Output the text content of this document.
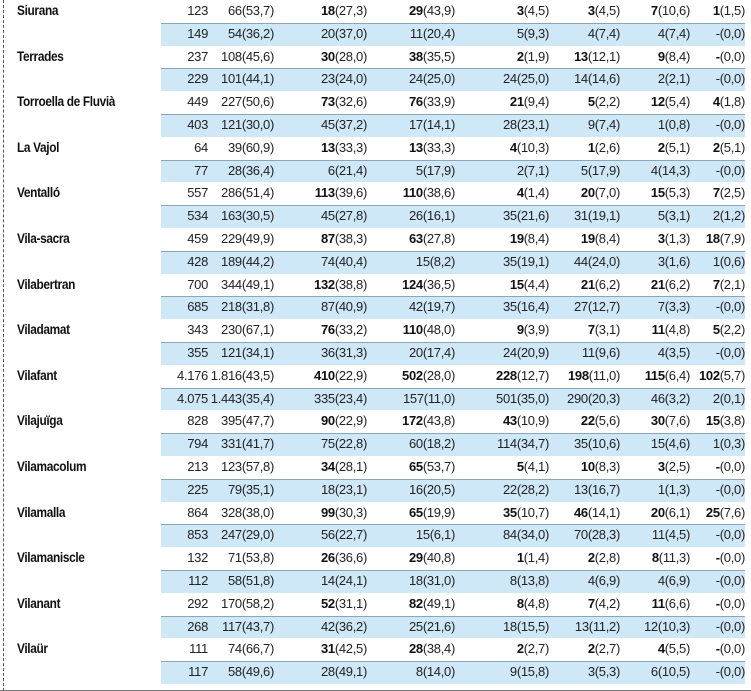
Siurana	123 66(53,7)	18(27,3)	29(43,9)	3(4,5)	3(4,5) 7(10,6) 1(1,5)
149 54(36,2)	20(37,0)	11(20,4)	5(9,3)	4(7,4)	4(7,4) -(0,0)
Terrades	237 108(45,6)	30(28,0)	38(35,5)	2(1,9) 13(12,1)	9(8,4) -(0,0)
229 101(44,1)	23(24,0)	24(25,0)	24(25,0) 14(14,6)	2(2,1) -(0,0)
Torroella de Fluvià	449 227(50,6)	73(32,6)	76(33,9)	21(9,4)	5(2,2) 12(5,4) 4(1,8)
403 121(30,0)	45(37,2)	17(14,1)	28(23,1)	9(7,4)	1(0,8) -(0,0)
La Vajol	64 39(60,9)	13(33,3)	13(33,3)	4(10,3)	1(2,6)	2(5,1) 2(5,1)
77 28(36,4)	6(21,4)	5(17,9)	2(7,1) 5(17,9) 4(14,3) -(0,0)
Ventalló	557 286(51,4)	113(39,6)	110(38,6)	4(1,4) 20(7,0) 15(5,3) 7(2,5)
534 163(30,5)	45(27,8)	26(16,1)	35(21,6) 31(19,1)	5(3,1) 2(1,2)
Vila-sacra	459 229(49,9)	87(38,3)	63(27,8)	19(8,4) 19(8,4)	3(1,3) 18(7,9)
428 189(44,2)	74(40,4)	15(8,2)	35(19,1) 44(24,0)	3(1,6) 1(0,6)
Vilabertran	700 344(49,1)	132(38,8)	124(36,5)	15(4,4) 21(6,2) 21(6,2) 7(2,1)
685 218(31,8)	87(40,9)	42(19,7)	35(16,4) 27(12,7)	7(3,3) -(0,0)
Viladamat	343 230(67,1)	76(33,2)	110(48,0)	9(3,9)	7(3,1) 11(4,8) 5(2,2)
355 121(34,1)	36(31,3)	20(17,4)	24(20,9)	11(9,6)	4(3,5) -(0,0)
Vilafant	4.176 1.816(43,5)	410(22,9)	502(28,0)	228(12,7) 198(11,0) 115(6,4) 102(5,7)
4.075 1.443(35,4)	335(23,4)	157(11,0)	501(35,0) 290(20,3) 46(3,2) 2(0,1)
Vilajuïga	828 395(47,7)	90(22,9)	172(43,8)	43(10,9) 22(5,6) 30(7,6) 15(3,8)
794 331(41,7)	75(22,8)	60(18,2)	114(34,7) 35(10,6) 15(4,6) 1(0,3)
Vilamacolum	213 123(57,8)	34(28,1)	65(53,7)	5(4,1) 10(8,3)	3(2,5) -(0,0)
225 79(35,1)	18(23,1)	16(20,5)	22(28,2) 13(16,7)	1(1,3) -(0,0)
Vilamalla	864 328(38,0)	99(30,3)	65(19,9)	35(10,7) 46(14,1) 20(6,1) 25(7,6)
853 247(29,0)	56(22,7)	15(6,1)	84(34,0) 70(28,3) 11(4,5) -(0,0)
Vilamaniscle	132 71(53,8)	26(36,6)	29(40,8)	1(1,4)	2(2,8) 8(11,3) -(0,0)
112 58(51,8)	14(24,1)	18(31,0)	8(13,8)	4(6,9)	4(6,9) -(0,0)
Vilanant	292 170(58,2)	52(31,1)	82(49,1)	8(4,8)	7(4,2) 11(6,6) -(0,0)
268 117(43,7)	42(36,2)	25(21,6)	18(15,5) 13(11,2) 12(10,3) -(0,0)
Vilaür	111 74(66,7)	31(42,5)	28(38,4)	2(2,7)	2(2,7)	4(5,5) -(0,0)
117 58(49,6)	28(49,1)	8(14,0)	9(15,8)	3(5,3) 6(10,5) -(0,0)
